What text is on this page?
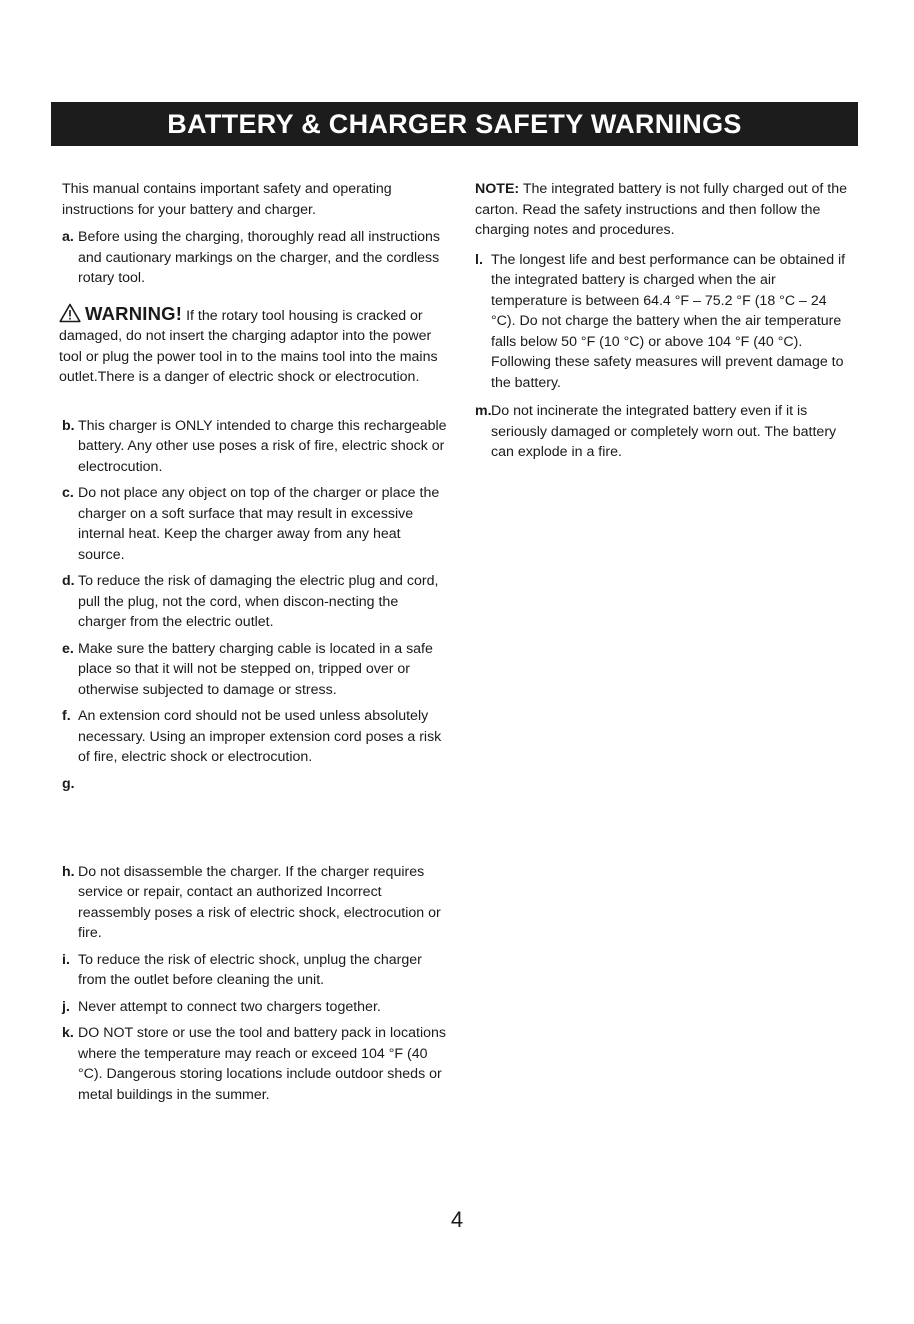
BATTERY & CHARGER SAFETY WARNINGS

This manual contains important safety and operating instructions for your battery and charger.

a. Before using the charging, thoroughly read all instructions and cautionary markings on the charger, and the cordless rotary tool.

WARNING! If the rotary tool housing is cracked or damaged, do not insert the charging adaptor into the power tool or plug the power tool in to the mains tool into the mains outlet.There is a danger of electric shock or electrocution.
b. This charger is ONLY intended to charge this rechargeable battery. Any other use poses a risk of fire, electric shock or electrocution.

c. Do not place any object on top of the charger or place the charger on a soft surface that may result in excessive internal heat. Keep the charger away from any heat source.

d. To reduce the risk of damaging the electric plug and cord, pull the plug, not the cord, when discon-necting the charger from the electric outlet.

e. Make sure the battery charging cable is located in a safe place so that it will not be stepped on, tripped over or otherwise subjected to damage or stress.

f. An extension cord should not be used unless absolutely necessary. Using an improper extension cord poses a risk of fire, electric shock or electrocution.

g.

h. Do not disassemble the charger. If the charger requires service or repair, contact an authorized Incorrect reassembly poses a risk of electric shock, electrocution or fire.

i. To reduce the risk of electric shock, unplug the charger from the outlet before cleaning the unit.

j. Never attempt to connect two chargers together.

k. DO NOT store or use the tool and battery pack in locations where the temperature may reach or exceed 104 °F (40 °C). Dangerous storing locations include outdoor sheds or metal buildings in the summer.

NOTE: The integrated battery is not fully charged out of the carton. Read the safety instructions and then follow the charging notes and procedures.

l. The longest life and best performance can be obtained if the integrated battery is charged when the air temperature is between 64.4 °F – 75.2 °F (18 °C – 24 °C). Do not charge the battery when the air temperature falls below 50 °F (10 °C) or above 104 °F (40 °C). Following these safety measures will prevent damage to the battery.

m. Do not incinerate the integrated battery even if it is seriously damaged or completely worn out. The battery can explode in a fire.

4
